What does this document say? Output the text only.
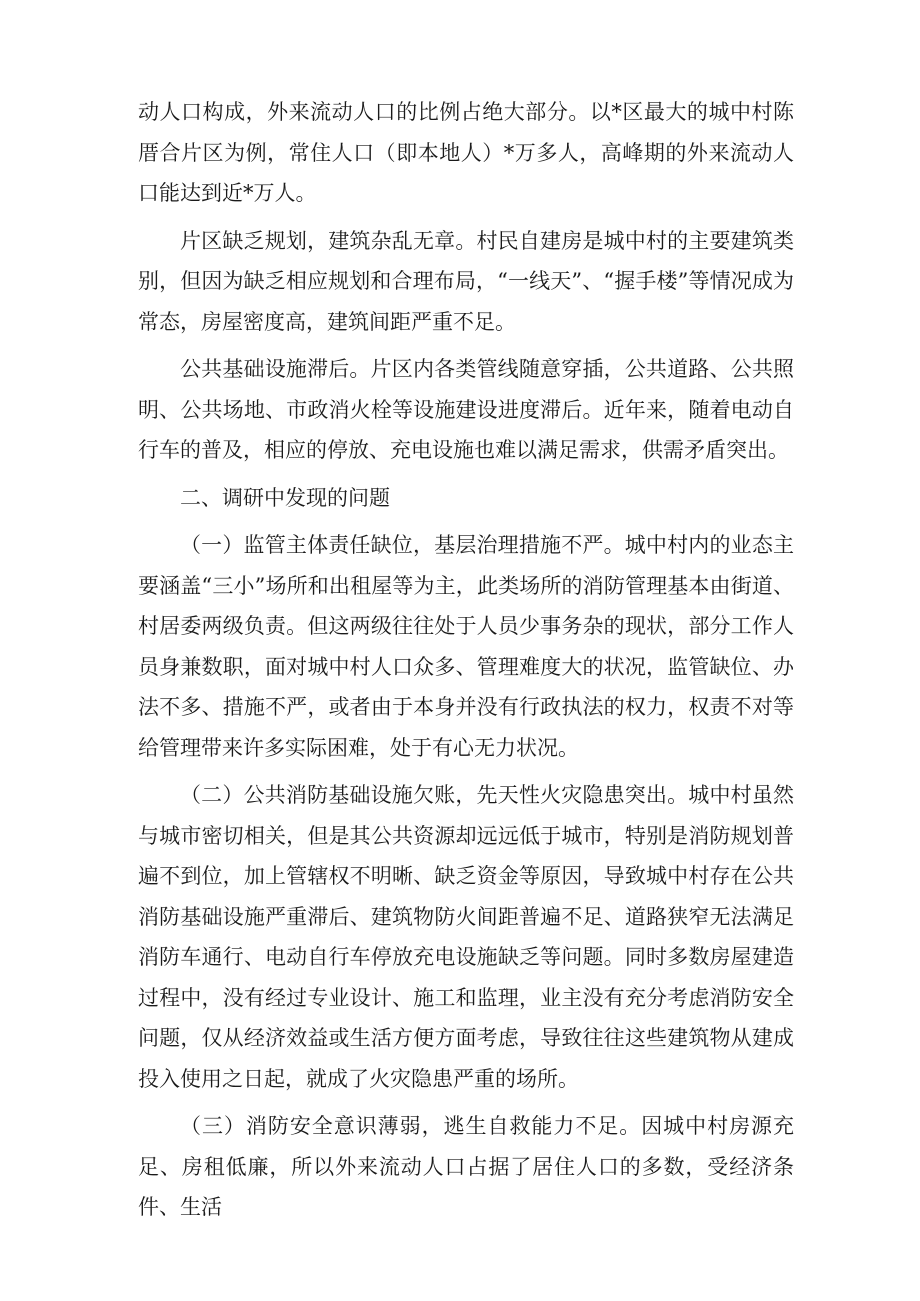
动人口构成，外来流动人口的比例占绝大部分。以*区最大的城中村陈厝合片区为例，常住人口（即本地人）*万多人，高峰期的外来流动人口能达到近*万人。

片区缺乏规划，建筑杂乱无章。村民自建房是城中村的主要建筑类别，但因为缺乏相应规划和合理布局，“一线天”、“握手楼”等情况成为常态，房屋密度高，建筑间距严重不足。

公共基础设施滞后。片区内各类管线随意穿插，公共道路、公共照明、公共场地、市政消火栓等设施建设进度滞后。近年来，随着电动自行车的普及，相应的停放、充电设施也难以满足需求，供需矛盾突出。

二、调研中发现的问题

（一）监管主体责任缺位，基层治理措施不严。城中村内的业态主要涵盖“三小”场所和出租屋等为主，此类场所的消防管理基本由街道、村居委两级负责。但这两级往往处于人员少事务杂的现状，部分工作人员身兼数职，面对城中村人口众多、管理难度大的状况，监管缺位、办法不多、措施不严，或者由于本身并没有行政执法的权力，权责不对等给管理带来许多实际困难，处于有心无力状况。

（二）公共消防基础设施欠账，先天性火灾隐患突出。城中村虽然与城市密切相关，但是其公共资源却远远低于城市，特别是消防规划普遍不到位，加上管辖权不明晰、缺乏资金等原因，导致城中村存在公共消防基础设施严重滞后、建筑物防火间距普遍不足、道路狭窄无法满足消防车通行、电动自行车停放充电设施缺乏等问题。同时多数房屋建造过程中，没有经过专业设计、施工和监理，业主没有充分考虑消防安全问题，仅从经济效益或生活方便方面考虑，导致往往这些建筑物从建成投入使用之日起，就成了火灾隐患严重的场所。

（三）消防安全意识薄弱，逃生自救能力不足。因城中村房源充足、房租低廉，所以外来流动人口占据了居住人口的多数，受经济条件、生活
